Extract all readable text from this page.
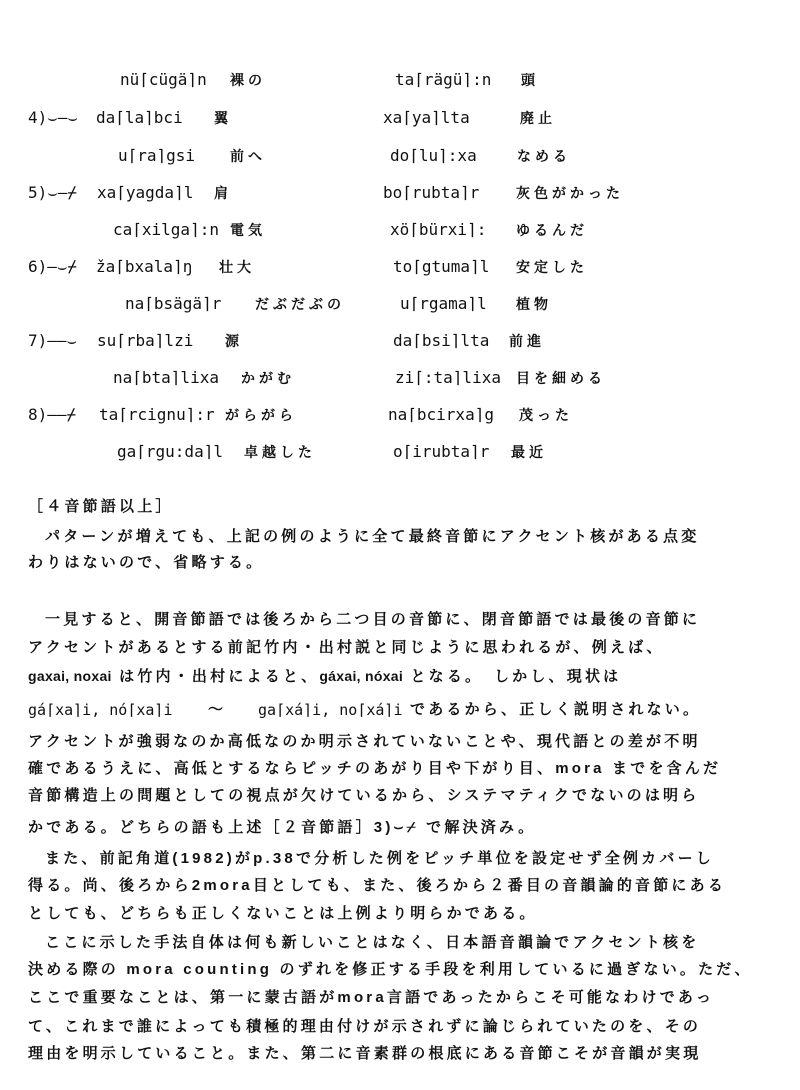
nü⌈cügä⌉n 裸の	ta⌈rägü⌉:n 頭
4)⌣–⌣ da⌈la⌉bci 翼	xa⌈ya⌉lta	廃止
u⌈ra⌉gsi 前へ	do⌈lu⌉:xa	なめる
5)⌣–⌿ xa⌈yagda⌉l 肩	bo⌈rubta⌉r	灰色がかった
ca⌈xilga⌉:n 電気	xö⌈bürxi⌉: ゆるんだ
6)–⌣⌿ ža⌈bxala⌉ŋ 壮大	to⌈gtuma⌉l 安定した
na⌈bsägä⌉r だぶだぶの	u⌈rgama⌉l 植物
7)––⌣ su⌈rba⌉lzi 源	da⌈bsi⌉lta 前進
na⌈bta⌉lixa かがむ	zi⌈:ta⌉lixa 目を細める
8)––⌿ ta⌈rcignu⌉:r がらがら	na⌈bcirxa⌉g 茂った
ga⌈rgu:da⌉l 卓越した	o⌈irubta⌉r 最近
［４音節語以上］
パターンが増えても、上記の例のように全て最終音節にアクセント核がある点変
わりはないので、省略する。
一見すると、開音節語では後ろから二つ目の音節に、閉音節語では最後の音節に
アクセントがあるとする前記竹内・出村説と同じように思われるが、例えば、
gaxai, noxai は竹内・出村によると、gáxai, nóxai となる。　しかし、現状は
gá⌈xa⌉i, nó⌈xa⌉i ～ ga⌈xá⌉i, no⌈xá⌉i であるから、正しく説明されない。
アクセントが強弱なのか高低なのか明示されていないことや、現代語との差が不明
確であるうえに、高低とするならピッチのあがり目や下がり目、mora までを含んだ
音節構造上の問題としての視点が欠けているから、システマティクでないのは明ら
かである。どちらの語も上述［２音節語］3)⌣⌿ で解決済み。
また、前記角道(1982)がp.38で分析した例をピッチ単位を設定せず全例カバーし
得る。尚、後ろから2mora目としても、また、後ろから２番目の音韻論的音節にある
としても、どちらも正しくないことは上例より明らかである。
ここに示した手法自体は何も新しいことはなく、日本語音韻論でアクセント核を
決める際の mora counting のずれを修正する手段を利用しているに過ぎない。ただ、
ここで重要なことは、第一に蒙古語がmora言語であったからこそ可能なわけであっ
て、これまで誰によっても積極的理由付けが示されずに論じられていたのを、その
理由を明示していること。また、第二に音素群の根底にある音節こそが音韻が実現
